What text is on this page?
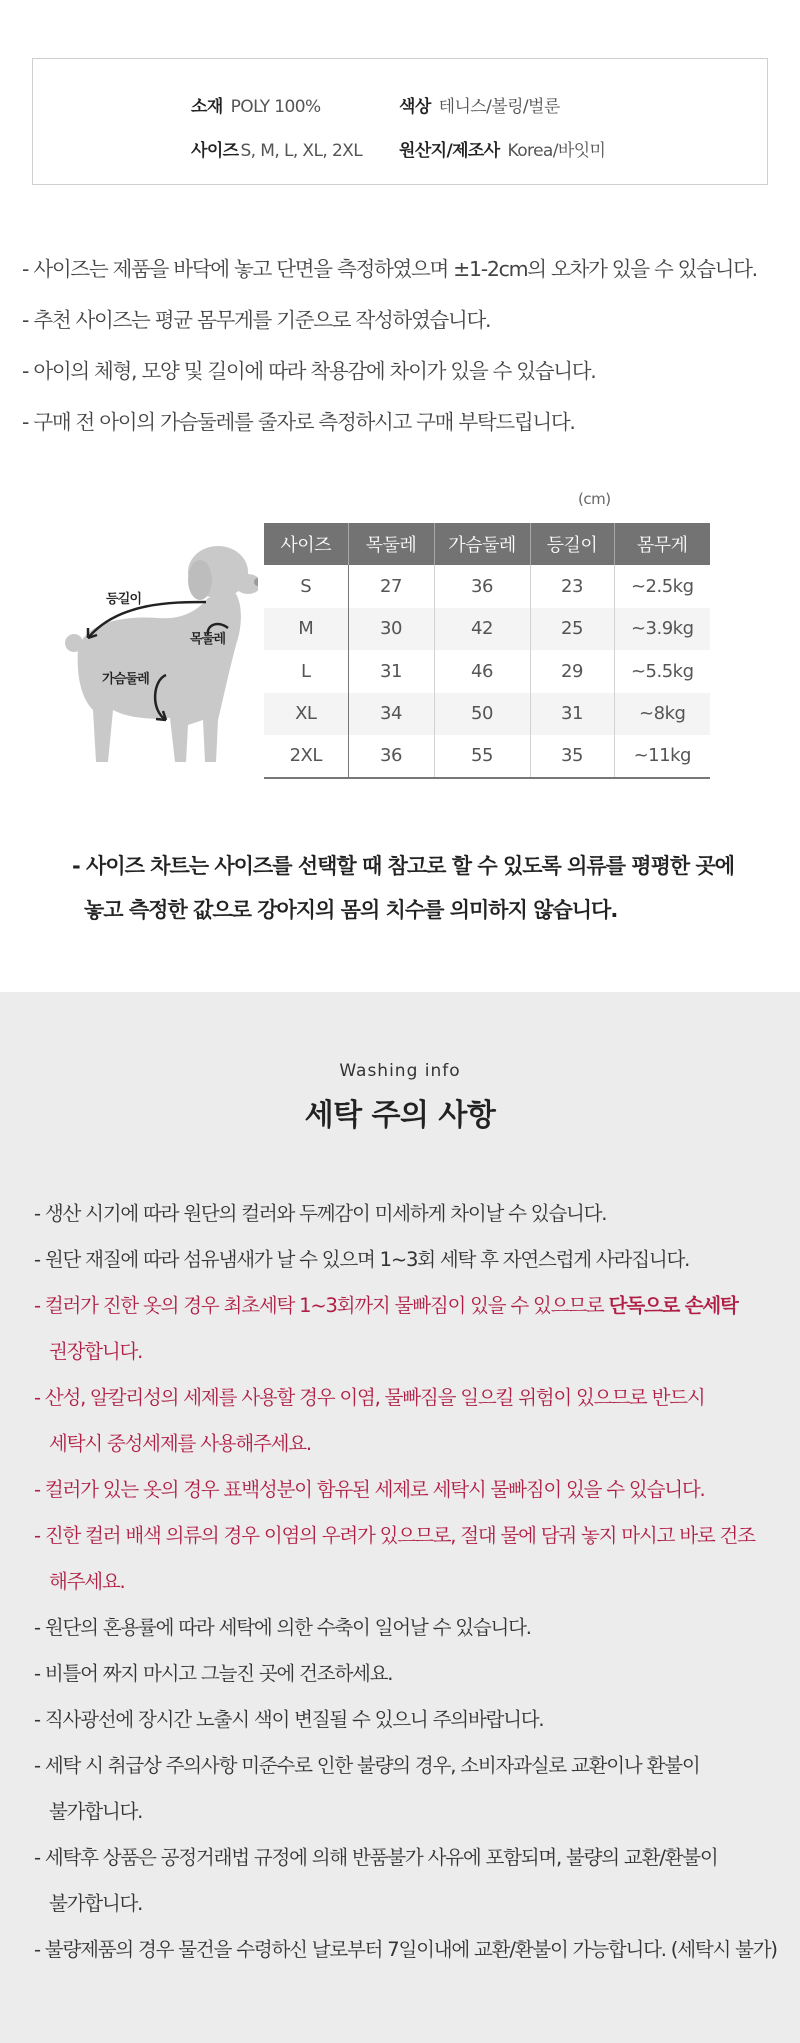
소재 POLY 100%	색상 테니스/볼링/벌룬
사이즈 S, M, L, XL, 2XL 원산지/제조사 Korea/바잇미

- 사이즈는 제품을 바닥에 놓고 단면을 측정하였으며 ±1-2cm의 오차가 있을 수 있습니다.

- 추천 사이즈는 평균 몸무게를 기준으로 작성하였습니다.

- 아이의 체형, 모양 및 길이에 따라 착용감에 차이가 있을 수 있습니다.

- 구매 전 아이의 가슴둘레를 줄자로 측정하시고 구매 부탁드립니다.

등길이
목둘레
가슴둘레
(cm)
사이즈	목둘레	가슴둘레	등길이	몸무게
S	27	36	23	~2.5kg
M	30	42	25	~3.9kg
L	31	46	29	~5.5kg
XL	34	50	31	~8kg
2XL	36	55	35	~11kg

- 사이즈 차트는 사이즈를 선택할 때 참고로 할 수 있도록 의류를 평평한 곳에

놓고 측정한 값으로 강아지의 몸의 치수를 의미하지 않습니다.

Washing info
세탁 주의 사항

- 생산 시기에 따라 원단의 컬러와 두께감이 미세하게 차이날 수 있습니다.

- 원단 재질에 따라 섬유냄새가 날 수 있으며 1~3회 세탁 후 자연스럽게 사라집니다.

- 컬러가 진한 옷의 경우 최초세탁 1~3회까지 물빠짐이 있을 수 있으므로 단독으로 손세탁

권장합니다.

- 산성, 알칼리성의 세제를 사용할 경우 이염, 물빠짐을 일으킬 위험이 있으므로 반드시

세탁시 중성세제를 사용해주세요.

- 컬러가 있는 옷의 경우 표백성분이 함유된 세제로 세탁시 물빠짐이 있을 수 있습니다.

- 진한 컬러 배색 의류의 경우 이염의 우려가 있으므로, 절대 물에 담궈 놓지 마시고 바로 건조

해주세요.

- 원단의 혼용률에 따라 세탁에 의한 수축이 일어날 수 있습니다.

- 비틀어 짜지 마시고 그늘진 곳에 건조하세요.

- 직사광선에 장시간 노출시 색이 변질될 수 있으니 주의바랍니다.

- 세탁 시 취급상 주의사항 미준수로 인한 불량의 경우, 소비자과실로 교환이나 환불이

불가합니다.

- 세탁후 상품은 공정거래법 규정에 의해 반품불가 사유에 포함되며, 불량의 교환/환불이

불가합니다.

- 불량제품의 경우 물건을 수령하신 날로부터 7일이내에 교환/환불이 가능합니다. (세탁시 불가)
